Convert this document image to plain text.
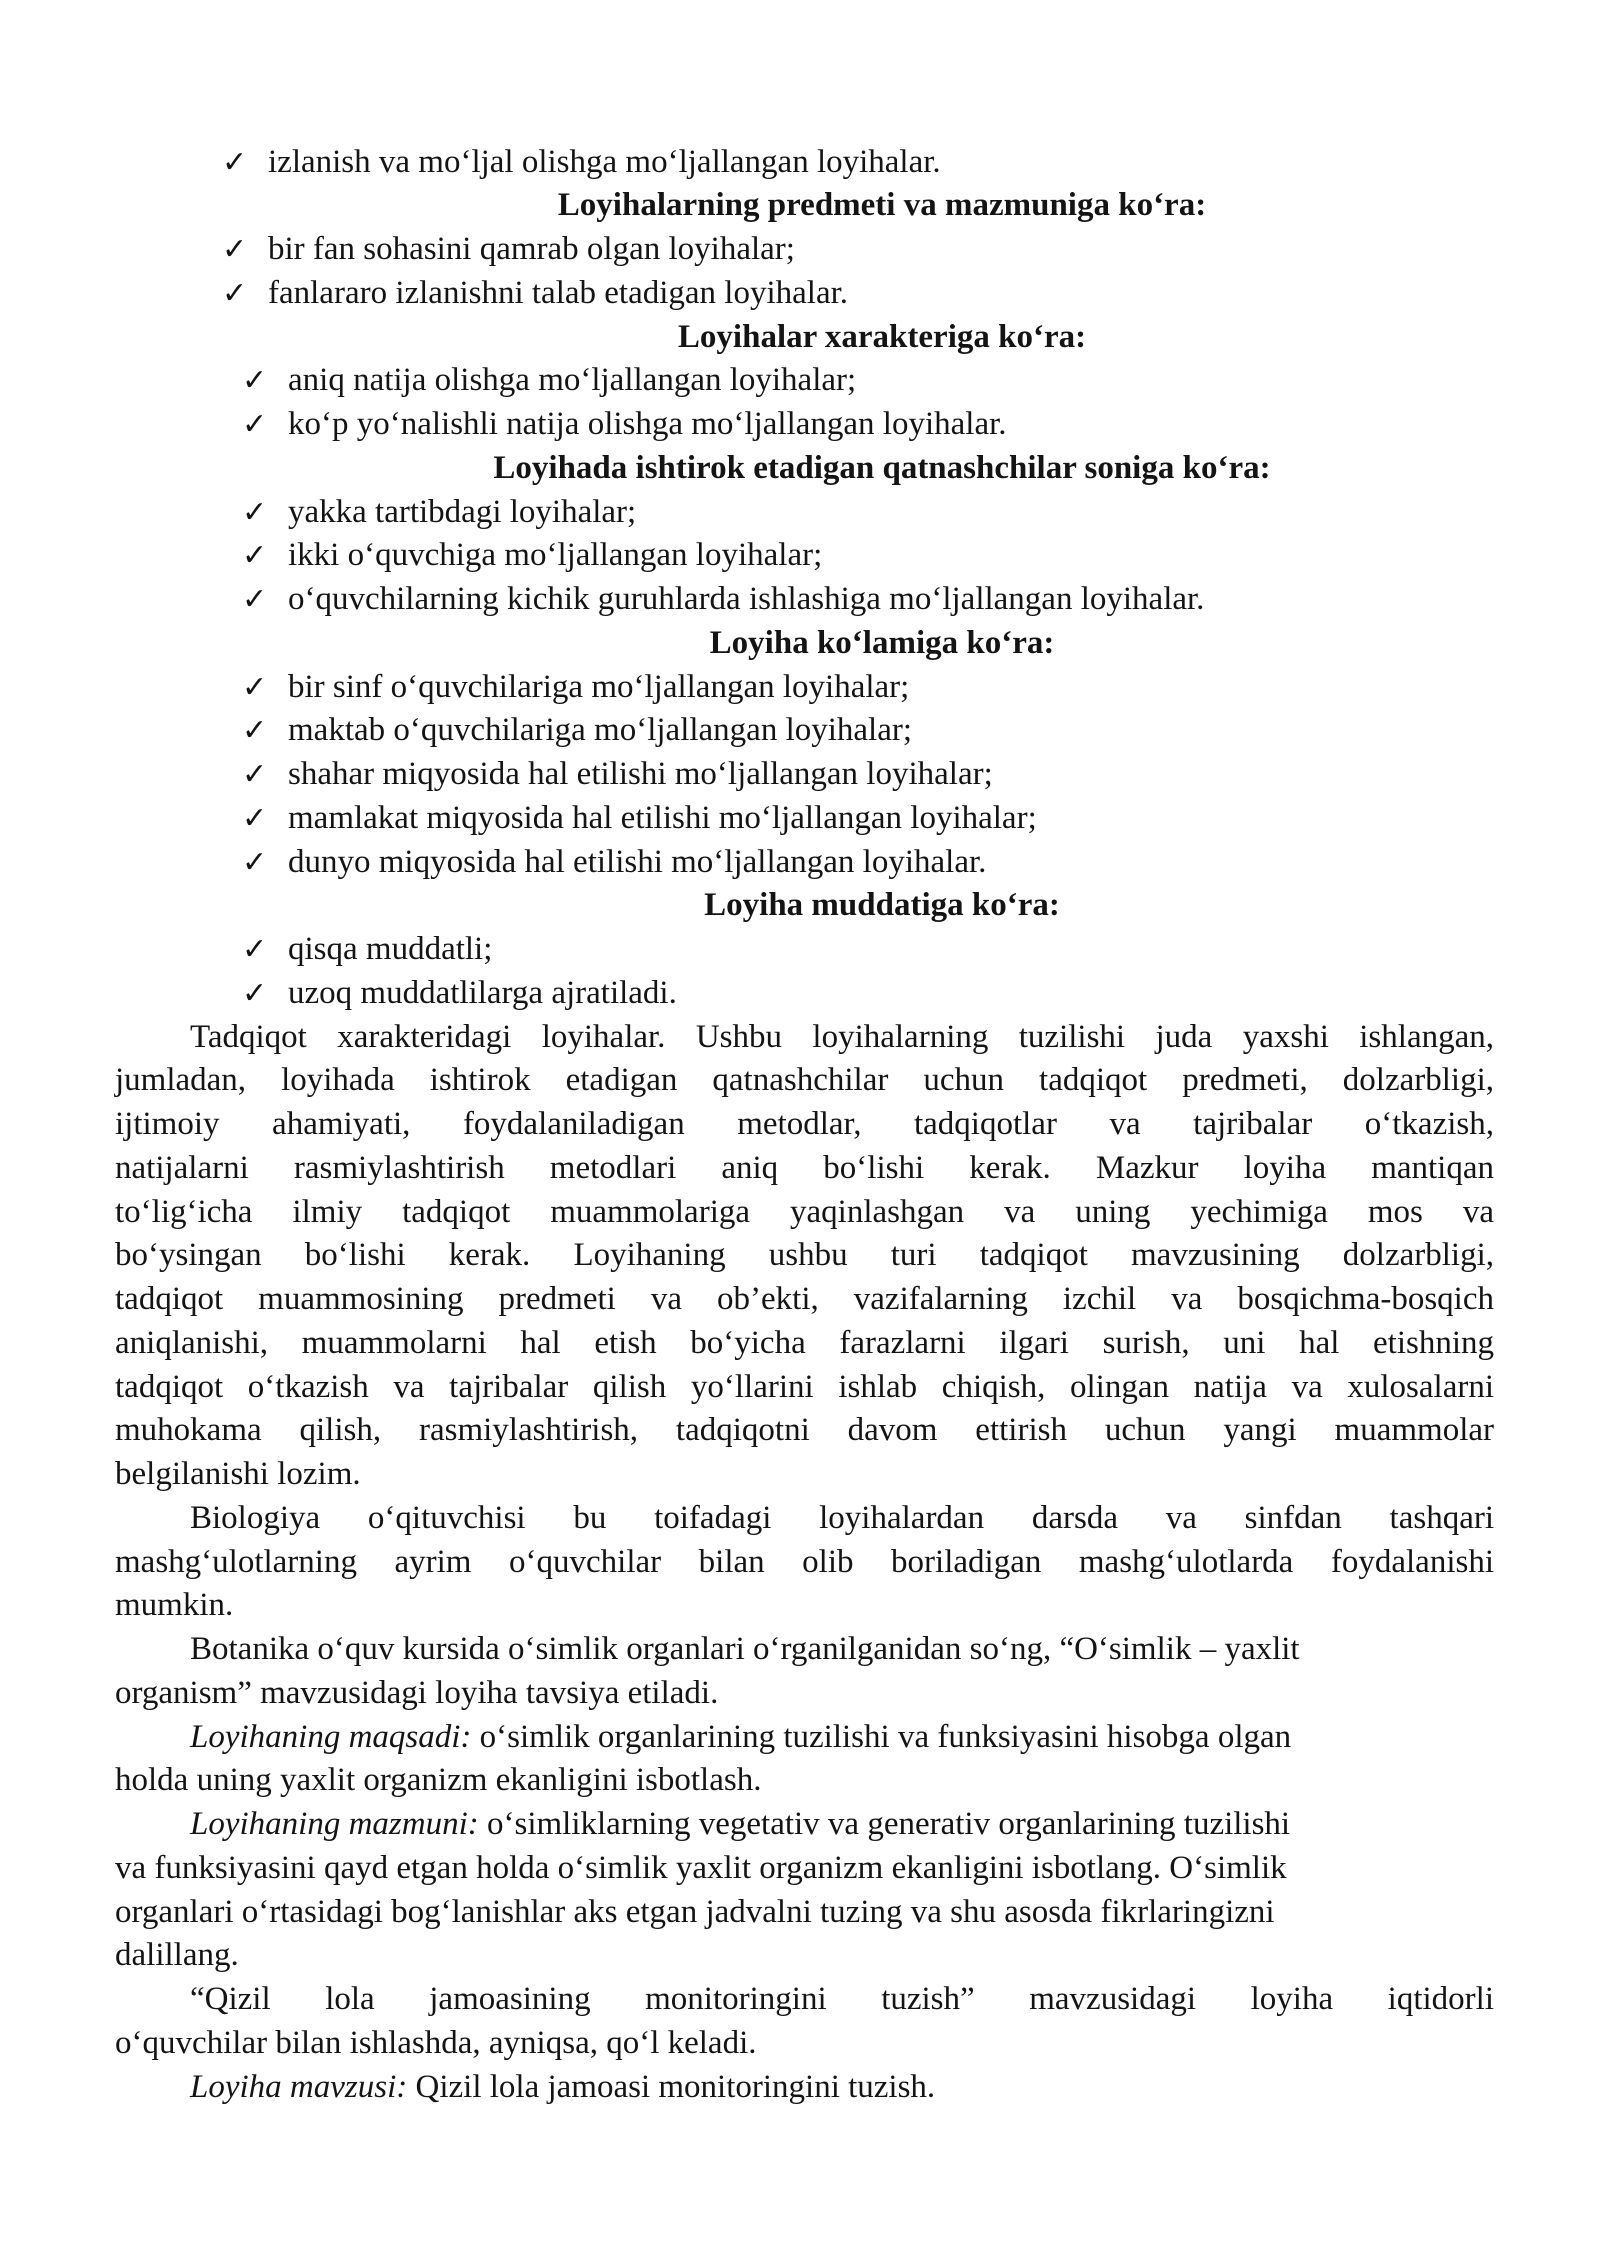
✓ izlanish va mo‘ljal olishga mo‘ljallangan loyihalar.
Loyihalarning predmeti va mazmuniga ko‘ra:
✓ bir fan sohasini qamrab olgan loyihalar;
✓ fanlararo izlanishni talab etadigan loyihalar.
Loyihalar xarakteriga ko‘ra:
✓ aniq natija olishga mo‘ljallangan loyihalar;
✓ ko‘p yo‘nalishli natija olishga mo‘ljallangan loyihalar.
Loyihada ishtirok etadigan qatnashchilar soniga ko‘ra:
✓ yakka tartibdagi loyihalar;
✓ ikki o‘quvchiga mo‘ljallangan loyihalar;
✓ o‘quvchilarning kichik guruhlarda ishlashiga mo‘ljallangan loyihalar.
Loyiha ko‘lamiga ko‘ra:
✓ bir sinf o‘quvchilariga mo‘ljallangan loyihalar;
✓ maktab o‘quvchilariga mo‘ljallangan loyihalar;
✓ shahar miqyosida hal etilishi mo‘ljallangan loyihalar;
✓ mamlakat miqyosida hal etilishi mo‘ljallangan loyihalar;
✓ dunyo miqyosida hal etilishi mo‘ljallangan loyihalar.
Loyiha muddatiga ko‘ra:
✓ qisqa muddatli;
✓ uzoq muddatlilarga ajratiladi.
Tadqiqot xarakteridagi loyihalar. Ushbu loyihalarning tuzilishi juda yaxshi ishlangan,
jumladan, loyihada ishtirok etadigan qatnashchilar uchun tadqiqot predmeti, dolzarbligi,
ijtimoiy ahamiyati, foydalaniladigan metodlar, tadqiqotlar va tajribalar o‘tkazish,
natijalarni rasmiylashtirish metodlari aniq bo‘lishi kerak. Mazkur loyiha mantiqan
to‘lig‘icha ilmiy tadqiqot muammolariga yaqinlashgan va uning yechimiga mos va
bo‘ysingan bo‘lishi kerak. Loyihaning ushbu turi tadqiqot mavzusining dolzarbligi,
tadqiqot muammosining predmeti va ob’ekti, vazifalarning izchil va bosqichma-bosqich
aniqlanishi, muammolarni hal etish bo‘yicha farazlarni ilgari surish, uni hal etishning
tadqiqot o‘tkazish va tajribalar qilish yo‘llarini ishlab chiqish, olingan natija va xulosalarni
muhokama qilish, rasmiylashtirish, tadqiqotni davom ettirish uchun yangi muammolar
belgilanishi lozim.
Biologiya o‘qituvchisi bu toifadagi loyihalardan darsda va sinfdan tashqari
mashg‘ulotlarning ayrim o‘quvchilar bilan olib boriladigan mashg‘ulotlarda foydalanishi
mumkin.
Botanika o‘quv kursida o‘simlik organlari o‘rganilganidan so‘ng, “O‘simlik – yaxlit
organism” mavzusidagi loyiha tavsiya etiladi.
Loyihaning maqsadi: o‘simlik organlarining tuzilishi va funksiyasini hisobga olgan
holda uning yaxlit organizm ekanligini isbotlash.
Loyihaning mazmuni: o‘simliklarning vegetativ va generativ organlarining tuzilishi
va funksiyasini qayd etgan holda o‘simlik yaxlit organizm ekanligini isbotlang. O‘simlik
organlari o‘rtasidagi bog‘lanishlar aks etgan jadvalni tuzing va shu asosda fikrlaringizni
dalillang.
“Qizil lola jamoasining monitoringini tuzish” mavzusidagi loyiha iqtidorli
o‘quvchilar bilan ishlashda, ayniqsa, qo‘l keladi.
Loyiha mavzusi: Qizil lola jamoasi monitoringini tuzish.
